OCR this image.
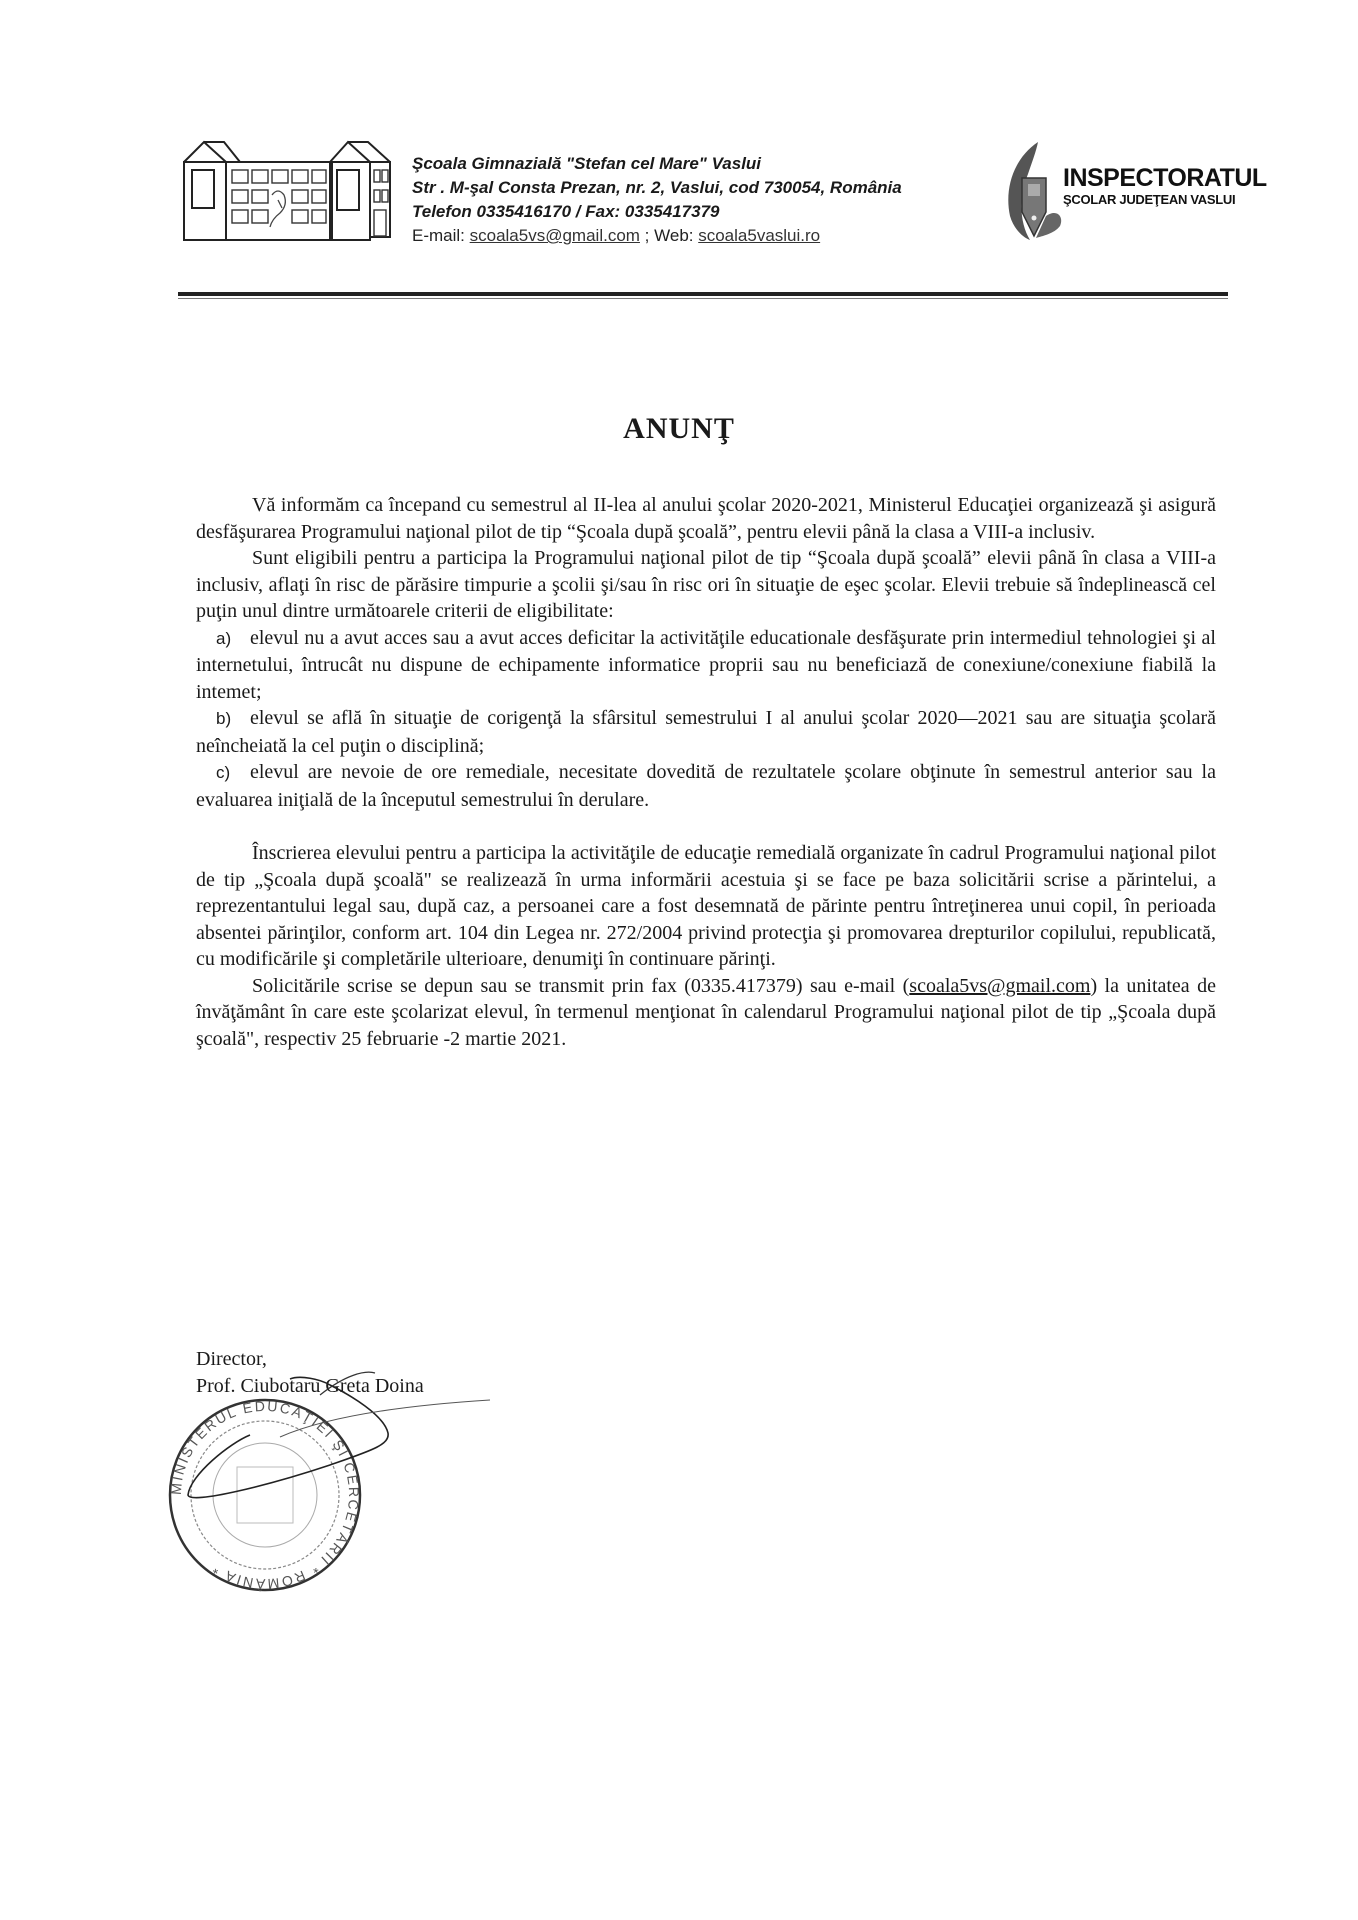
Şcoala Gimnazială "Stefan cel Mare" Vaslui
Str . M-şal Consta Prezan, nr. 2, Vaslui, cod 730054, România
Telefon 0335416170 / Fax: 0335417379
E-mail: scoala5vs@gmail.com ; Web: scoala5vaslui.ro
INSPECTORATUL
ŞCOLAR JUDEŢEAN VASLUI
ANUNŢ

Vă informăm ca începand cu semestrul al II-lea al anului şcolar 2020-2021, Ministerul Educaţiei organizează şi asigură desfăşurarea Programului naţional pilot de tip “Şcoala după şcoală”, pentru elevii până la clasa a VIII-a inclusiv.

Sunt eligibili pentru a participa la Programului naţional pilot de tip “Şcoala după şcoală” elevii până în clasa a VIII-a inclusiv, aflaţi în risc de părăsire timpurie a şcolii şi/sau în risc ori în situaţie de eşec şcolar. Elevii trebuie să îndeplinească cel puţin unul dintre următoarele criterii de eligibilitate:

a) elevul nu a avut acces sau a avut acces deficitar la activităţile educationale desfăşurate prin intermediul tehnologiei şi al internetului, întrucât nu dispune de echipamente informatice proprii sau nu beneficiază de conexiune/conexiune fiabilă la intemet;

b) elevul se află în situaţie de corigenţă la sfârsitul semestrului I al anului şcolar 2020—2021 sau are situaţia şcolară neîncheiată la cel puţin o disciplină;

c) elevul are nevoie de ore remediale, necesitate dovedită de rezultatele şcolare obţinute în semestrul anterior sau la evaluarea iniţială de la începutul semestrului în derulare.

Înscrierea elevului pentru a participa la activităţile de educaţie remedială organizate în cadrul Programului naţional pilot de tip „Şcoala după şcoală" se realizează în urma informării acestuia şi se face pe baza solicitării scrise a părintelui, a reprezentantului legal sau, după caz, a persoanei care a fost desemnată de părinte pentru întreţinerea unui copil, în perioada absentei părinţilor, conform art. 104 din Legea nr. 272/2004 privind protecţia şi promovarea drepturilor copilului, republicată, cu modificările şi completările ulterioare, denumiţi în continuare părinţi.

Solicitările scrise se depun sau se transmit prin fax (0335.417379) sau e-mail (scoala5vs@gmail.com) la unitatea de învăţământ în care este şcolarizat elevul, în termenul menţionat în calendarul Programului naţional pilot de tip „Şcoala după şcoală", respectiv 25 februarie -2 martie 2021.

Director,
Prof. Ciubotaru Greta Doina
MINISTERUL EDUCAŢIEI ŞI CERCETĂRII * ROMÂNIA *
